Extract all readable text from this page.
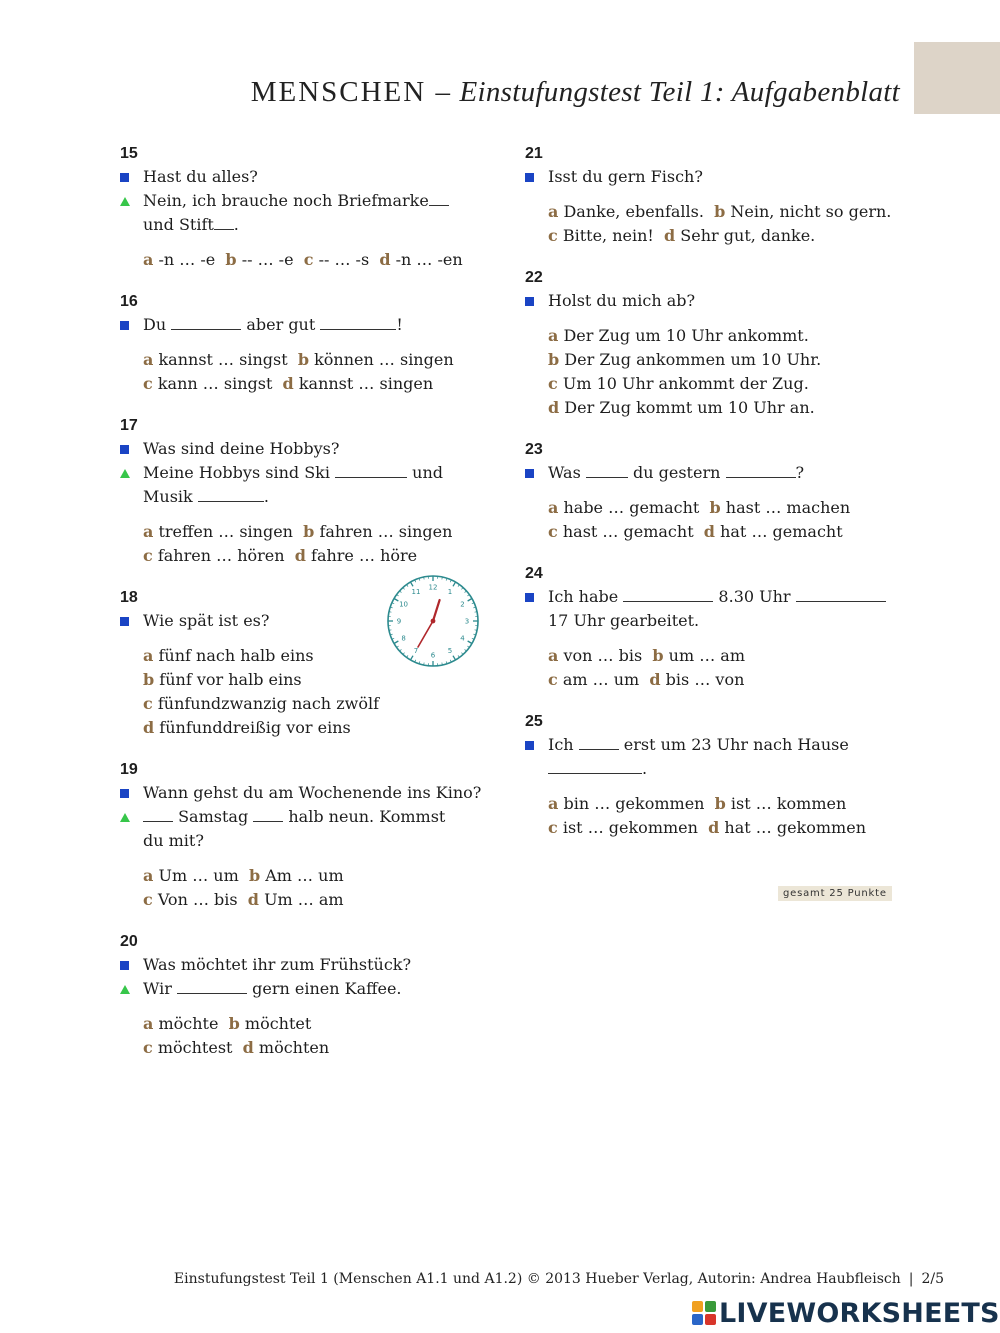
MENSCHEN – Einstufungstest Teil 1: Aufgabenblatt
15
Hast du alles?
Nein, ich brauche noch Briefmarke
und Stift .
a -n … -e b -- … -e c -- … -s d -n … -en
16
Du	aber gut	!
a kannst … singst b können … singen
c kann … singst d kannst … singen
17
Was sind deine Hobbys?
Meine Hobbys sind Ski	und
Musik	.
a treffen … singen b fahren … singen
c fahren … hören d fahre … höre
18
Wie spät ist es?
a fünf nach halb eins
b fünf vor halb eins
c fünfundzwanzig nach zwölf
d fünfunddreißig vor eins
12
1
2
3
4
5
6
7
8
9
10
11
19
Wann gehst du am Wochenende ins Kino?
Samstag	halb neun. Kommst
du mit?
a Um … um b Am … um
c Von … bis d Um … am
20
Was möchtet ihr zum Frühstück?
Wir	gern einen Kaffee.
a möchte b möchtet
c möchtest d möchten
21
Isst du gern Fisch?
a Danke, ebenfalls. b Nein, nicht so gern.
c Bitte, nein! d Sehr gut, danke.
22
Holst du mich ab?
a Der Zug um 10 Uhr ankommt.
b Der Zug ankommen um 10 Uhr.
c Um 10 Uhr ankommt der Zug.
d Der Zug kommt um 10 Uhr an.
23
Was	du gestern	?
a habe … gemacht b hast … machen
c hast … gemacht d hat … gemacht
24
Ich habe	8.30 Uhr
17 Uhr gearbeitet.
a von … bis b um … am
c am … um d bis … von
25
Ich	erst um 23 Uhr nach Hause
.
a bin … gekommen b ist … kommen
c ist … gekommen d hat … gekommen
gesamt 25 Punkte
Einstufungstest Teil 1 (Menschen A1.1 und A1.2) © 2013 Hueber Verlag, Autorin: Andrea Haubfleisch | 2/5
LIVEWORKSHEETS
